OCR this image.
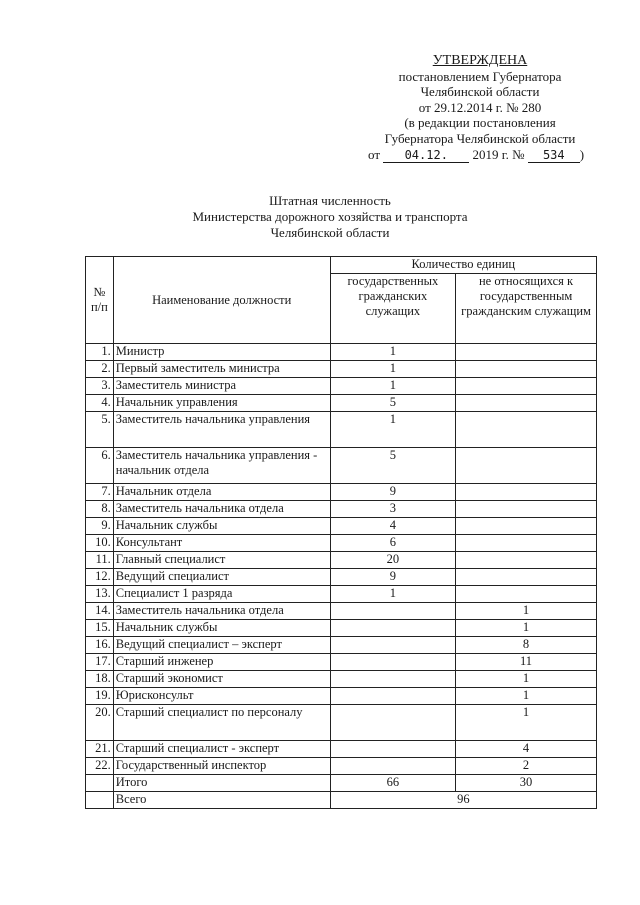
УТВЕРЖДЕНА
постановлением Губернатора
Челябинской области
от 29.12.2014 г. № 280
(в редакции постановления
Губернатора Челябинской области
от 04.12. 2019 г. № 534 )
Штатная численность
Министерства дорожного хозяйства и транспорта
Челябинской области
№ п/п	Наименование должности	Количество единиц	
		государственных гражданских служащих	не относящихся к государственным гражданским служащим
1.	Министр	1	
2.	Первый заместитель министра	1	
3.	Заместитель министра	1	
4.	Начальник управления	5	
5.	Заместитель начальника управления	1	
6.	Заместитель начальника управления - начальник отдела	5	
7.	Начальник отдела	9	
8.	Заместитель начальника отдела	3	
9.	Начальник службы	4	
10.	Консультант	6	
11.	Главный специалист	20	
12.	Ведущий специалист	9	
13.	Специалист 1 разряда	1	
14.	Заместитель начальника отдела		1
15.	Начальник службы		1
16.	Ведущий специалист – эксперт		8
17.	Старший инженер		11
18.	Старший экономист		1
19.	Юрисконсульт		1
20.	Старший специалист по персоналу		1
21.	Старший специалист - эксперт		4
22.	Государственный инспектор		2
	Итого	66	30
	Всего	96	
